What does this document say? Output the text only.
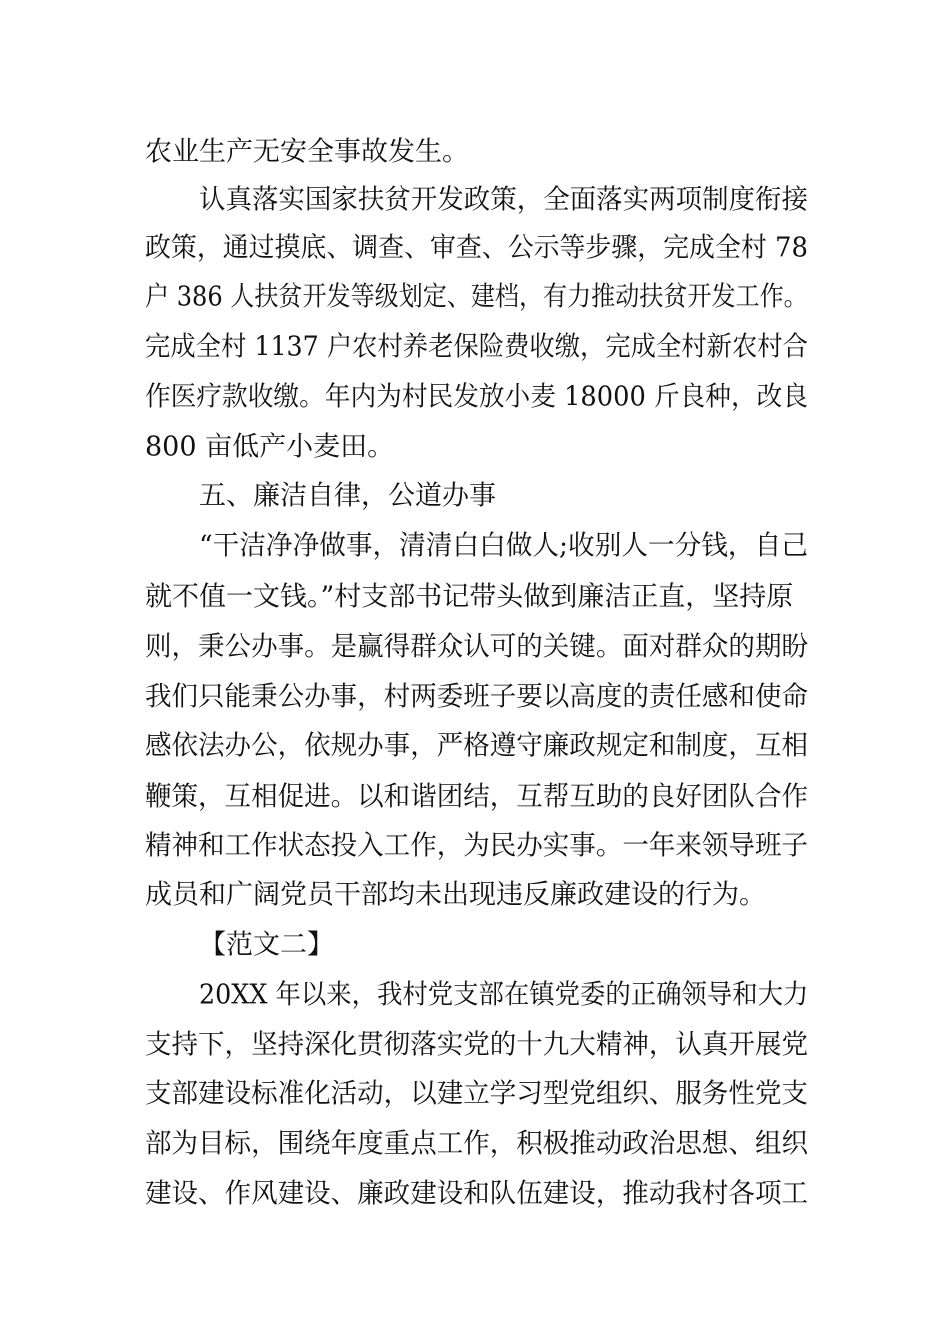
农业生产无安全事故发生。
认真落实国家扶贫开发政策，全面落实两项制度衔接
政策，通过摸底、调查、审查、公示等步骤，完成全村 78
户 386 人扶贫开发等级划定、建档，有力推动扶贫开发工作。
完成全村 1137 户农村养老保险费收缴，完成全村新农村合
作医疗款收缴。年内为村民发放小麦 18000 斤良种，改良
800 亩低产小麦田。
五、廉洁自律，公道办事
“干洁净净做事，清清白白做人;收别人一分钱，自己
就不值一文钱。”村支部书记带头做到廉洁正直，坚持原
则，秉公办事。是赢得群众认可的关键。面对群众的期盼
我们只能秉公办事，村两委班子要以高度的责任感和使命
感依法办公，依规办事，严格遵守廉政规定和制度，互相
鞭策，互相促进。以和谐团结，互帮互助的良好团队合作
精神和工作状态投入工作，为民办实事。一年来领导班子
成员和广阔党员干部均未出现违反廉政建设的行为。
【范文二】
20XX 年以来，我村党支部在镇党委的正确领导和大力
支持下，坚持深化贯彻落实党的十九大精神，认真开展党
支部建设标准化活动，以建立学习型党组织、服务性党支
部为目标，围绕年度重点工作，积极推动政治思想、组织
建设、作风建设、廉政建设和队伍建设，推动我村各项工
